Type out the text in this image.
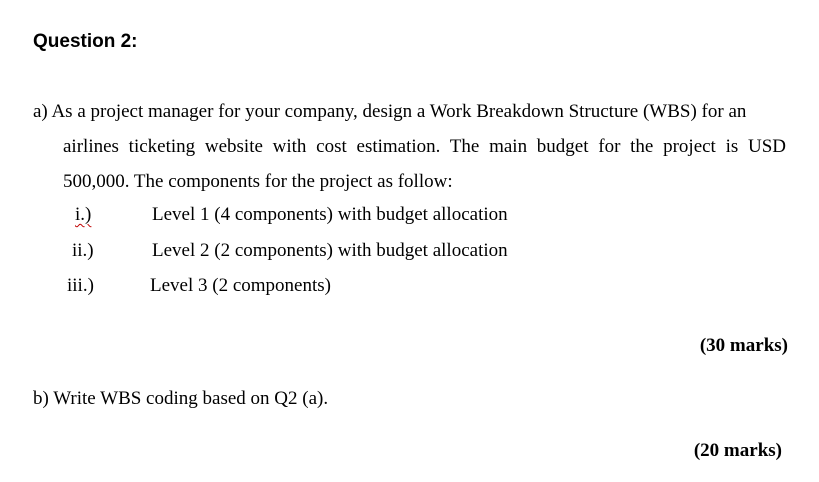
Question 2:
a) As a project manager for your company, design a Work Breakdown Structure (WBS) for an
airlines ticketing website with cost estimation. The main budget for the project is USD
500,000. The components for the project as follow:
i.)	Level 1 (4 components) with budget allocation
ii.)	Level 2 (2 components) with budget allocation
iii.)	Level 3 (2 components)
(30 marks)
b) Write WBS coding based on Q2 (a).
(20 marks)
